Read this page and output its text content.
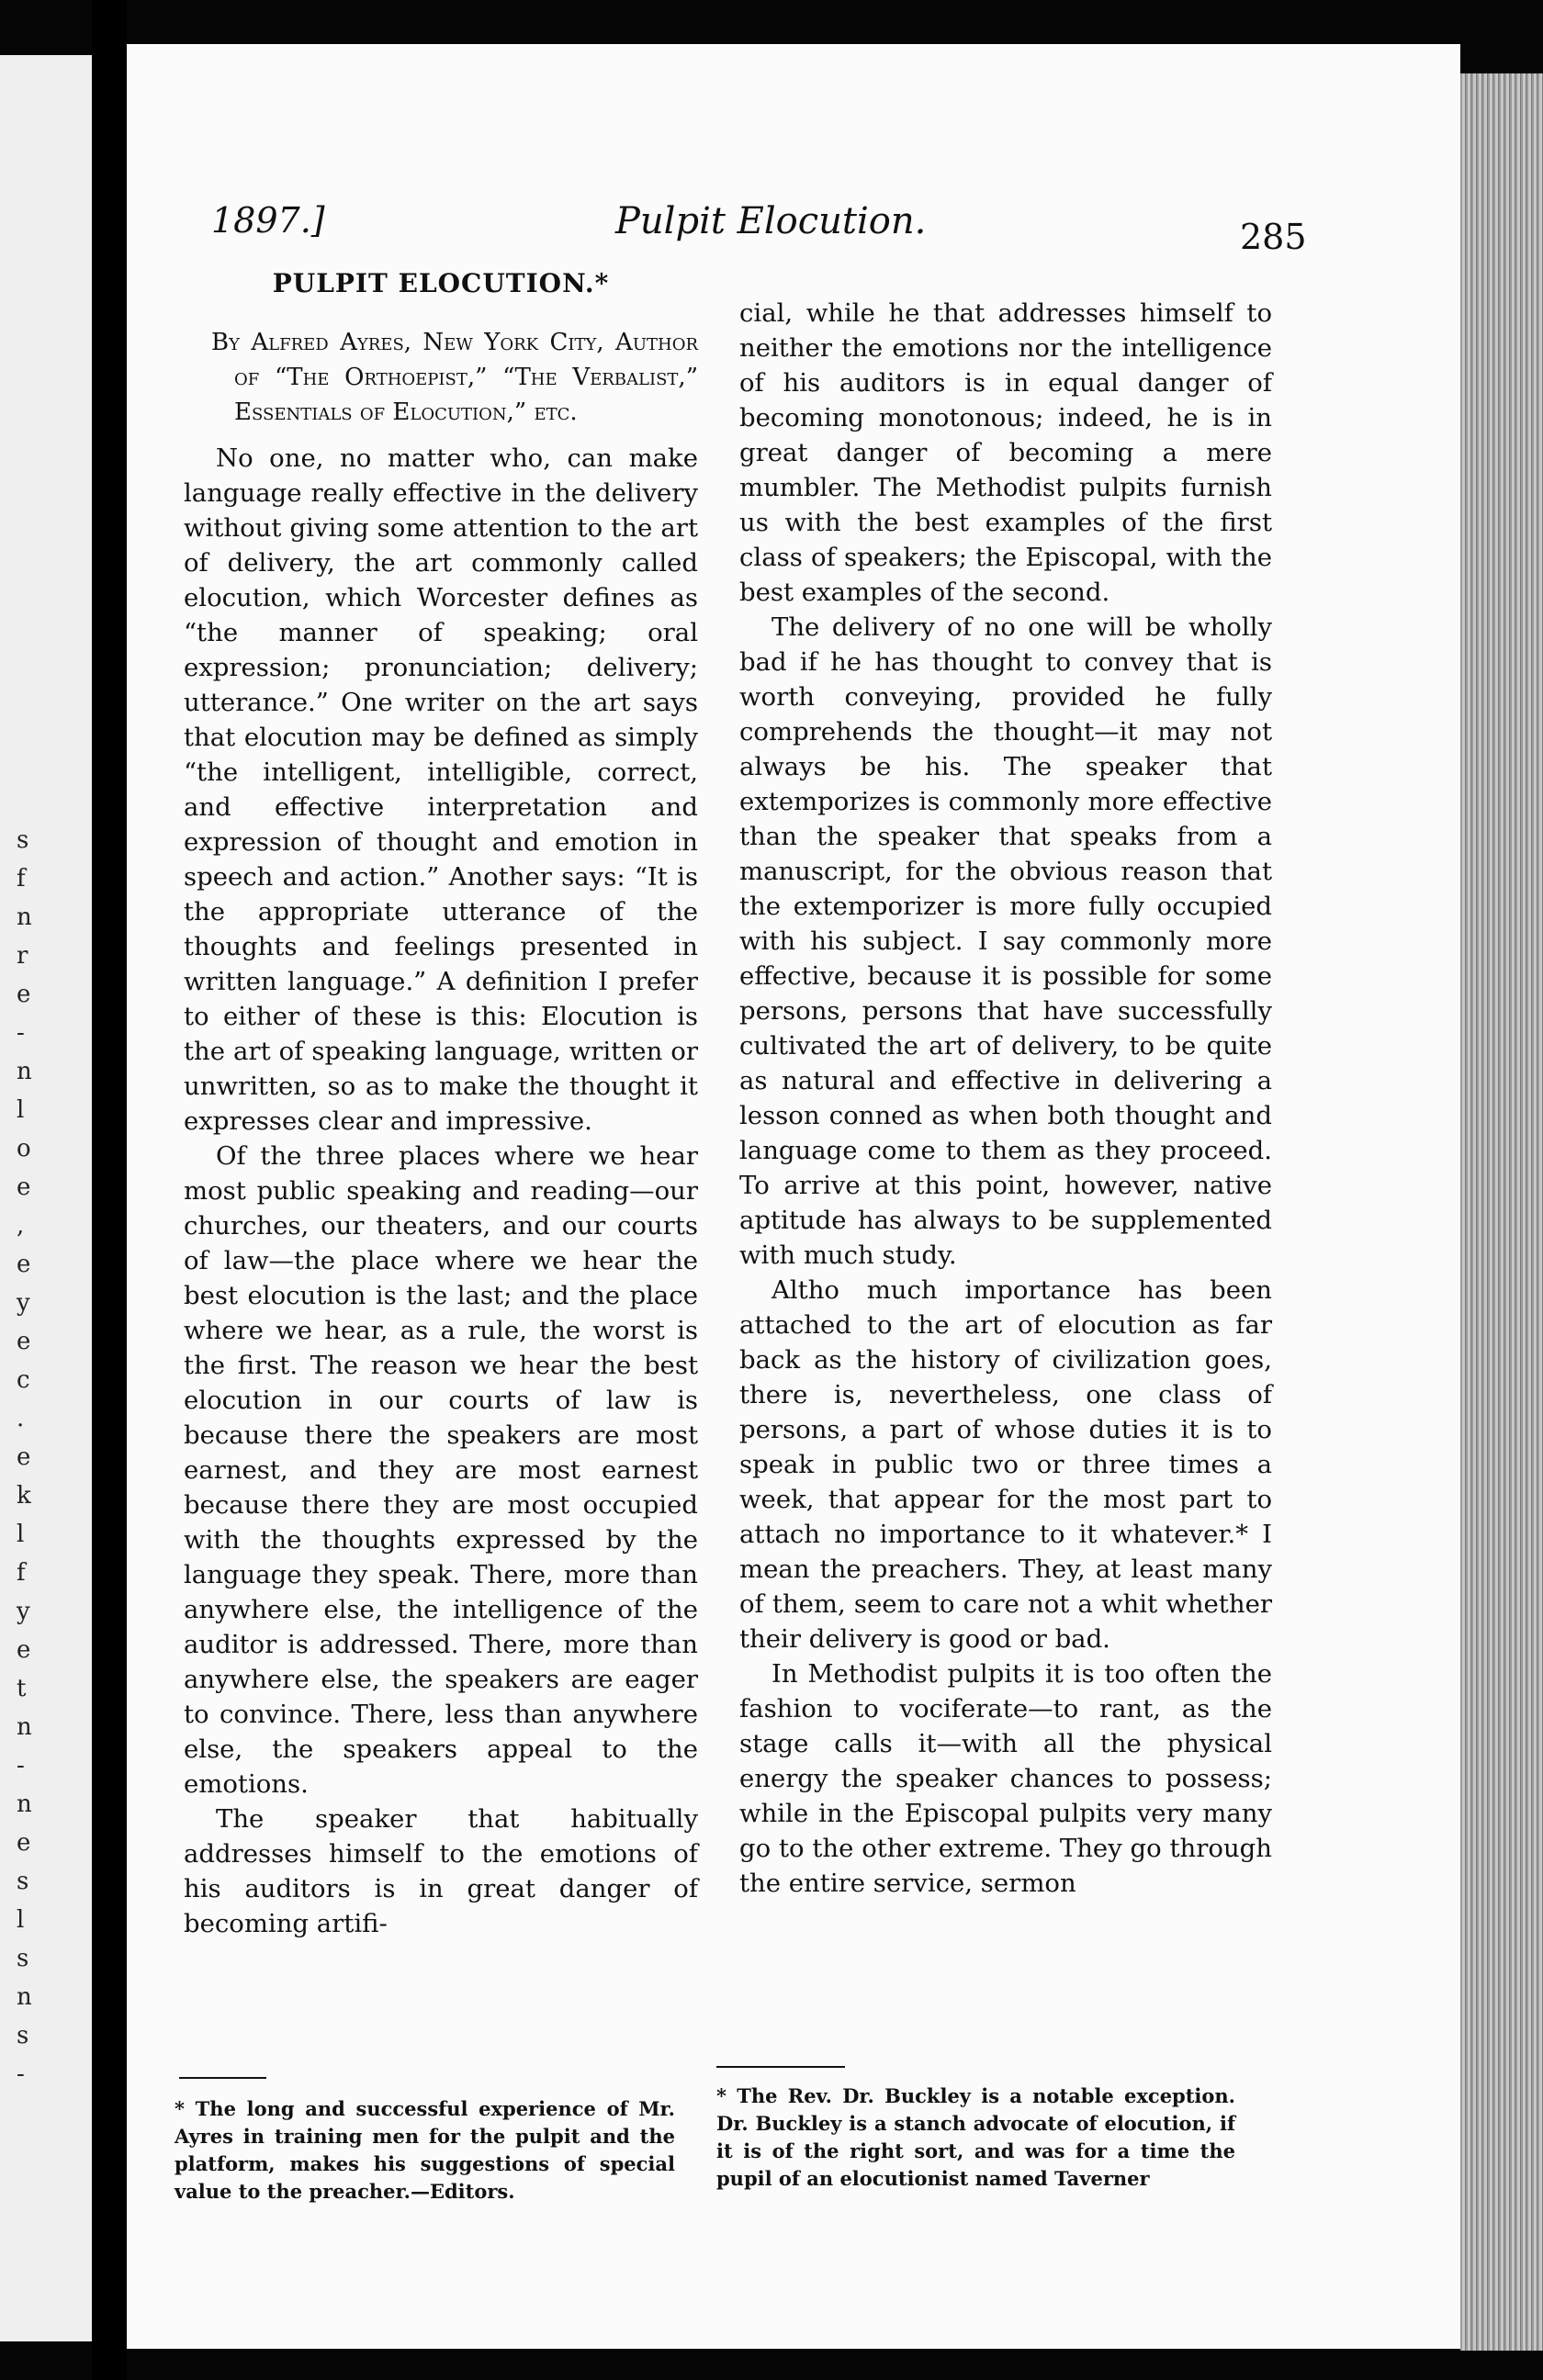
s
f
n
r
e
-
n
l
o
e
,
e
y
e
c
.
e
k
l
f
y
e
t
n
-
n
e
s
l
s
n
s
-
1897.]	Pulpit Elocution.	285
PULPIT ELOCUTION.*
By Alfred Ayres, New York City, Author of “The Orthoepist,” “The Verbalist,” Essentials of Elocution,” etc.

No one, no matter who, can make language really effective in the delivery without giving some attention to the art of delivery, the art commonly called elocution, which Worcester defines as “the manner of speaking; oral expression; pronunciation; delivery; utterance.” One writer on the art says that elocution may be defined as simply “the intelligent, intelligible, correct, and effective interpretation and expression of thought and emotion in speech and action.” Another says: “It is the appropriate utterance of the thoughts and feelings presented in written language.” A definition I prefer to either of these is this: Elocution is the art of speaking language, written or unwritten, so as to make the thought it expresses clear and impressive.

Of the three places where we hear most public speaking and reading—our churches, our theaters, and our courts of law—the place where we hear the best elocution is the last; and the place where we hear, as a rule, the worst is the first. The reason we hear the best elocution in our courts of law is because there the speakers are most earnest, and they are most earnest because there they are most occupied with the thoughts expressed by the language they speak. There, more than anywhere else, the intelligence of the auditor is addressed. There, more than anywhere else, the speakers are eager to convince. There, less than anywhere else, the speakers appeal to the emotions.

The speaker that habitually addresses himself to the emotions of his auditors is in great danger of becoming artifi-

cial, while he that addresses himself to neither the emotions nor the intelligence of his auditors is in equal danger of becoming monotonous; indeed, he is in great danger of becoming a mere mumbler. The Methodist pulpits furnish us with the best examples of the first class of speakers; the Episcopal, with the best examples of the second.

The delivery of no one will be wholly bad if he has thought to convey that is worth conveying, provided he fully comprehends the thought—it may not always be his. The speaker that extemporizes is commonly more effective than the speaker that speaks from a manuscript, for the obvious reason that the extemporizer is more fully occupied with his subject. I say commonly more effective, because it is possible for some persons, persons that have successfully cultivated the art of delivery, to be quite as natural and effective in delivering a lesson conned as when both thought and language come to them as they proceed. To arrive at this point, however, native aptitude has always to be supplemented with much study.

Altho much importance has been attached to the art of elocution as far back as the history of civilization goes, there is, nevertheless, one class of persons, a part of whose duties it is to speak in public two or three times a week, that appear for the most part to attach no importance to it whatever.* I mean the preachers. They, at least many of them, seem to care not a whit whether their delivery is good or bad.

In Methodist pulpits it is too often the fashion to vociferate—to rant, as the stage calls it—with all the physical energy the speaker chances to possess; while in the Episcopal pulpits very many go to the other extreme. They go through the entire service, sermon

* The long and successful experience of Mr. Ayres in training men for the pulpit and the platform, makes his suggestions of special value to the preacher.—Editors.
* The Rev. Dr. Buckley is a notable exception. Dr. Buckley is a stanch advocate of elocution, if it is of the right sort, and was for a time the pupil of an elocutionist named Taverner
